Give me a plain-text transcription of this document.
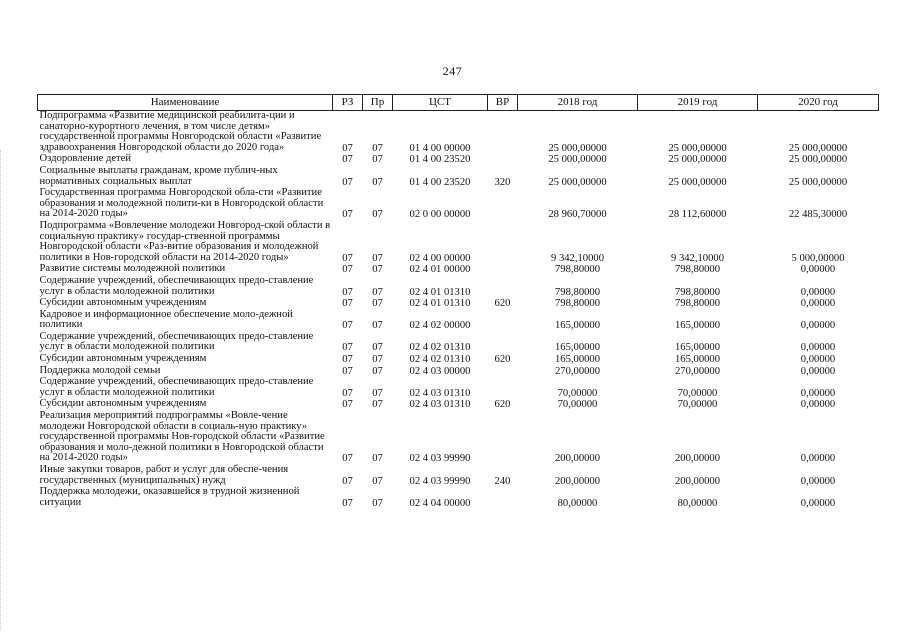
247
Наименование	РЗ	Пр	ЦСТ	ВР	2018 год	2019 год	2020 год
Подпрограмма «Развитие медицинской реабилита-ции и санаторно-курортного лечения, в том числе детям» государственной программы Новгородской области «Развитие здравоохранения Новгородской области до 2020 года»	07	07	01 4 00 00000		25 000,00000	25 000,00000	25 000,00000
Оздоровление детей	07	07	01 4 00 23520		25 000,00000	25 000,00000	25 000,00000
Социальные выплаты гражданам, кроме публич-ных нормативных социальных выплат	07	07	01 4 00 23520	320	25 000,00000	25 000,00000	25 000,00000
Государственная программа Новгородской обла-сти «Развитие образования и молодежной полити-ки в Новгородской области на 2014-2020 годы»	07	07	02 0 00 00000		28 960,70000	28 112,60000	22 485,30000
Подпрограмма «Вовлечение молодежи Новгород-ской области в социальную практику» государ-ственной программы Новгородской области «Раз-витие образования и молодежной политики в Нов-городской области на 2014-2020 годы»	07	07	02 4 00 00000		9 342,10000	9 342,10000	5 000,00000
Развитие системы молодежной политики	07	07	02 4 01 00000		798,80000	798,80000	0,00000
Содержание учреждений, обеспечивающих предо-ставление услуг в области молодежной политики	07	07	02 4 01 01310		798,80000	798,80000	0,00000
Субсидии автономным учреждениям	07	07	02 4 01 01310	620	798,80000	798,80000	0,00000
Кадровое и информационное обеспечение моло-дежной политики	07	07	02 4 02 00000		165,00000	165,00000	0,00000
Содержание учреждений, обеспечивающих предо-ставление услуг в области молодежной политики	07	07	02 4 02 01310		165,00000	165,00000	0,00000
Субсидии автономным учреждениям	07	07	02 4 02 01310	620	165,00000	165,00000	0,00000
Поддержка молодой семьи	07	07	02 4 03 00000		270,00000	270,00000	0,00000
Содержание учреждений, обеспечивающих предо-ставление услуг в области молодежной политики	07	07	02 4 03 01310		70,00000	70,00000	0,00000
Субсидии автономным учреждениям	07	07	02 4 03 01310	620	70,00000	70,00000	0,00000
Реализация мероприятий подпрограммы «Вовле-чение молодежи Новгородской области в социаль-ную практику» государственной программы Нов-городской области «Развитие образования и моло-дежной политики в Новгородской области на 2014-2020 годы»	07	07	02 4 03 99990		200,00000	200,00000	0,00000
Иные закупки товаров, работ и услуг для обеспе-чения государственных (муниципальных) нужд	07	07	02 4 03 99990	240	200,00000	200,00000	0,00000
Поддержка молодежи, оказавшейся в трудной жизненной ситуации	07	07	02 4 04 00000		80,00000	80,00000	0,00000
